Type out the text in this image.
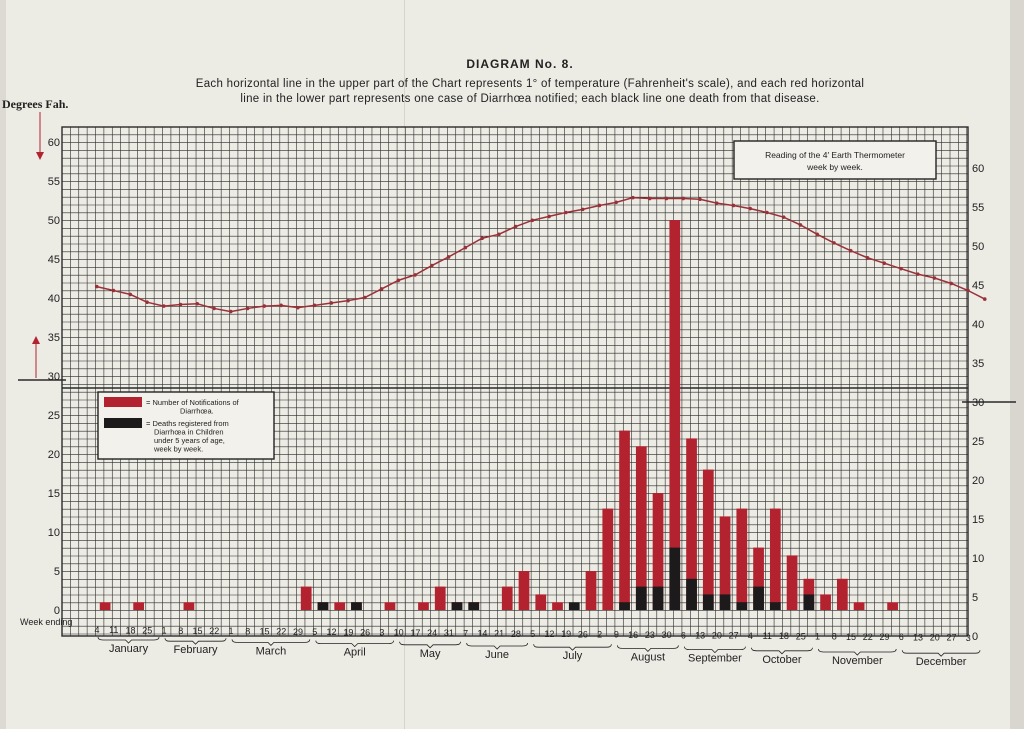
DIAGRAM No. 8.
Each horizontal line in the upper part of the Chart represents 1° of temperature (Fahrenheit's scale), and each red horizontal
line in the lower part represents one case of Diarrhœa notified; each black line one death from that disease.
Degrees Fah.
Week ending
0
5
10
15
20
25
30
35
40
45
50
55
60
0
5
10
15
20
25
30
35
40
45
50
55
60
Reading of the 4′ Earth Thermometer
week by week.
= Number of Notifications of
Diarrhœa.
= Deaths registered from
Diarrhœa in Children
under 5 years of age,
week by week.
4 11 18 25 1 8 15 22 1 8 15 22 29 5 12 19 26 3 10 17 24 31 7 14 21 28 5 12 19 26 2 9 16 23 30 6 13 20 27 4 11 18 25 1 8 15 22 29 6 13 20 27 3
January February	March	April	May	June	July	August September October	November	December
